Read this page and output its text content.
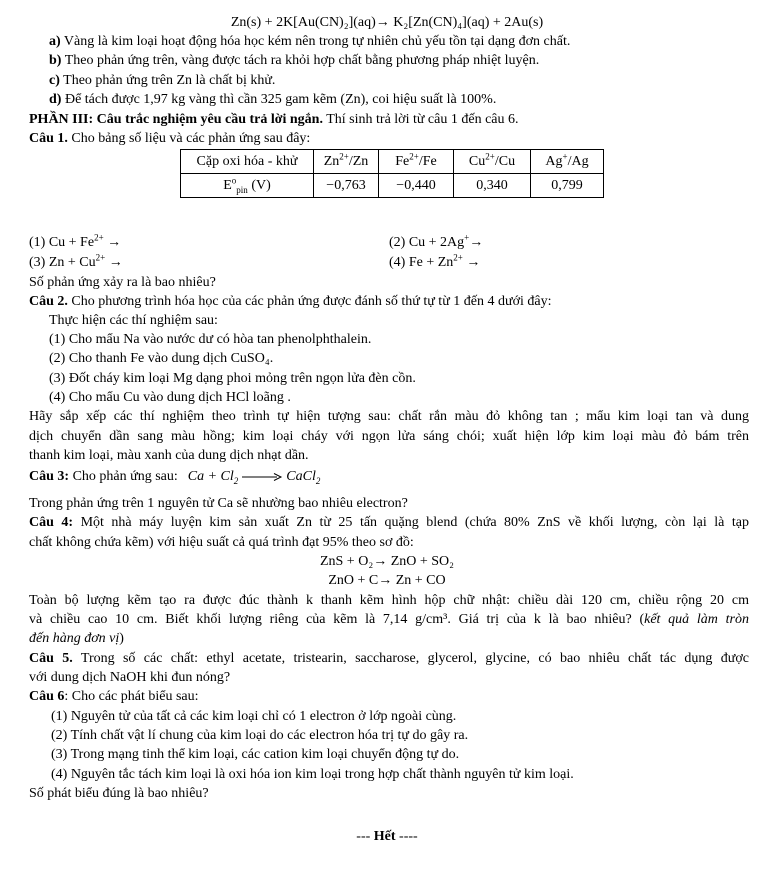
Zn(s) + 2K[Au(CN)₂](aq)→ K₂[Zn(CN)₄](aq) + 2Au(s)
a) Vàng là kim loại hoạt động hóa học kém nên trong tự nhiên chủ yếu tồn tại dạng đơn chất.
b) Theo phản ứng trên, vàng được tách ra khỏi hợp chất bằng phương pháp nhiệt luyện.
c) Theo phản ứng trên Zn là chất bị khử.
d) Để tách được 1,97 kg vàng thì cần 325 gam kẽm (Zn), coi hiệu suất là 100%.
PHẦN III: Câu trắc nghiệm yêu cầu trả lời ngắn. Thí sinh trả lời từ câu 1 đến câu 6.
Câu 1. Cho bảng số liệu và các phản ứng sau đây:
Cặp oxi hóa - khử	$Zn^{2+}/Zn$	$Fe^{2+}/Fe$	$Cu^{2+}/Cu$	Ag+/Ag
$E^o_{pin}$ (V)	−0,763	−0,440	0,340	0,799
(1) $Cu + Fe^{2+}$ →	(2) Cu + 2Ag+→
(3) $Zn + Cu^{2+}$ →	(4) $Fe + Zn^{2+}$ →
Số phản ứng xảy ra là bao nhiêu?
Câu 2. Cho phương trình hóa học của các phản ứng được đánh số thứ tự từ 1 đến 4 dưới đây:
Thực hiện các thí nghiệm sau:
(1) Cho mẩu Na vào nước dư có hòa tan phenolphthalein.
(2) Cho thanh Fe vào dung dịch CuSO₄.
(3) Đốt cháy kim loại Mg dạng phoi mỏng trên ngọn lửa đèn cồn.
(4) Cho mẩu Cu vào dung dịch HCl loãng .
Hãy sắp xếp các thí nghiệm theo trình tự hiện tượng sau: chất rắn màu đỏ không tan ; mẩu kim loại tan và dung
dịch chuyển dần sang màu hồng; kim loại cháy với ngọn lửa sáng chói; xuất hiện lớp kim loại màu đỏ bám trên
thanh kim loại, màu xanh của dung dịch nhạt dần.
Câu 3: Cho phản ứng sau: $Ca + Cl_2$	CaCl$_2$
Trong phản ứng trên 1 nguyên tử Ca sẽ nhường bao nhiêu electron?
Câu 4: Một nhà máy luyện kim sản xuất Zn từ 25 tấn quặng blend (chứa 80% ZnS về khối lượng, còn lại là tạp
chất không chứa kẽm) với hiệu suất cả quá trình đạt 95% theo sơ đồ:
ZnS + O₂→ ZnO + SO₂
ZnO + C→ Zn + CO
Toàn bộ lượng kẽm tạo ra được đúc thành k thanh kẽm hình hộp chữ nhật: chiều dài 120 cm, chiều rộng 20 cm
và chiều cao 10 cm. Biết khối lượng riêng của kẽm là 7,14 g/cm³. Giá trị của k là bao nhiêu? (kết quả làm tròn
đến hàng đơn vị)
Câu 5. Trong số các chất: ethyl acetate, tristearin, saccharose, glycerol, glycine, có bao nhiêu chất tác dụng được
với dung dịch NaOH khi đun nóng?
Câu 6: Cho các phát biểu sau:
(1) Nguyên tử của tất cả các kim loại chỉ có 1 electron ở lớp ngoài cùng.
(2) Tính chất vật lí chung của kim loại do các electron hóa trị tự do gây ra.
(3) Trong mạng tinh thể kim loại, các cation kim loại chuyển động tự do.
(4) Nguyên tắc tách kim loại là oxi hóa ion kim loại trong hợp chất thành nguyên tử kim loại.
Số phát biểu đúng là bao nhiêu?
--- Hết ----
